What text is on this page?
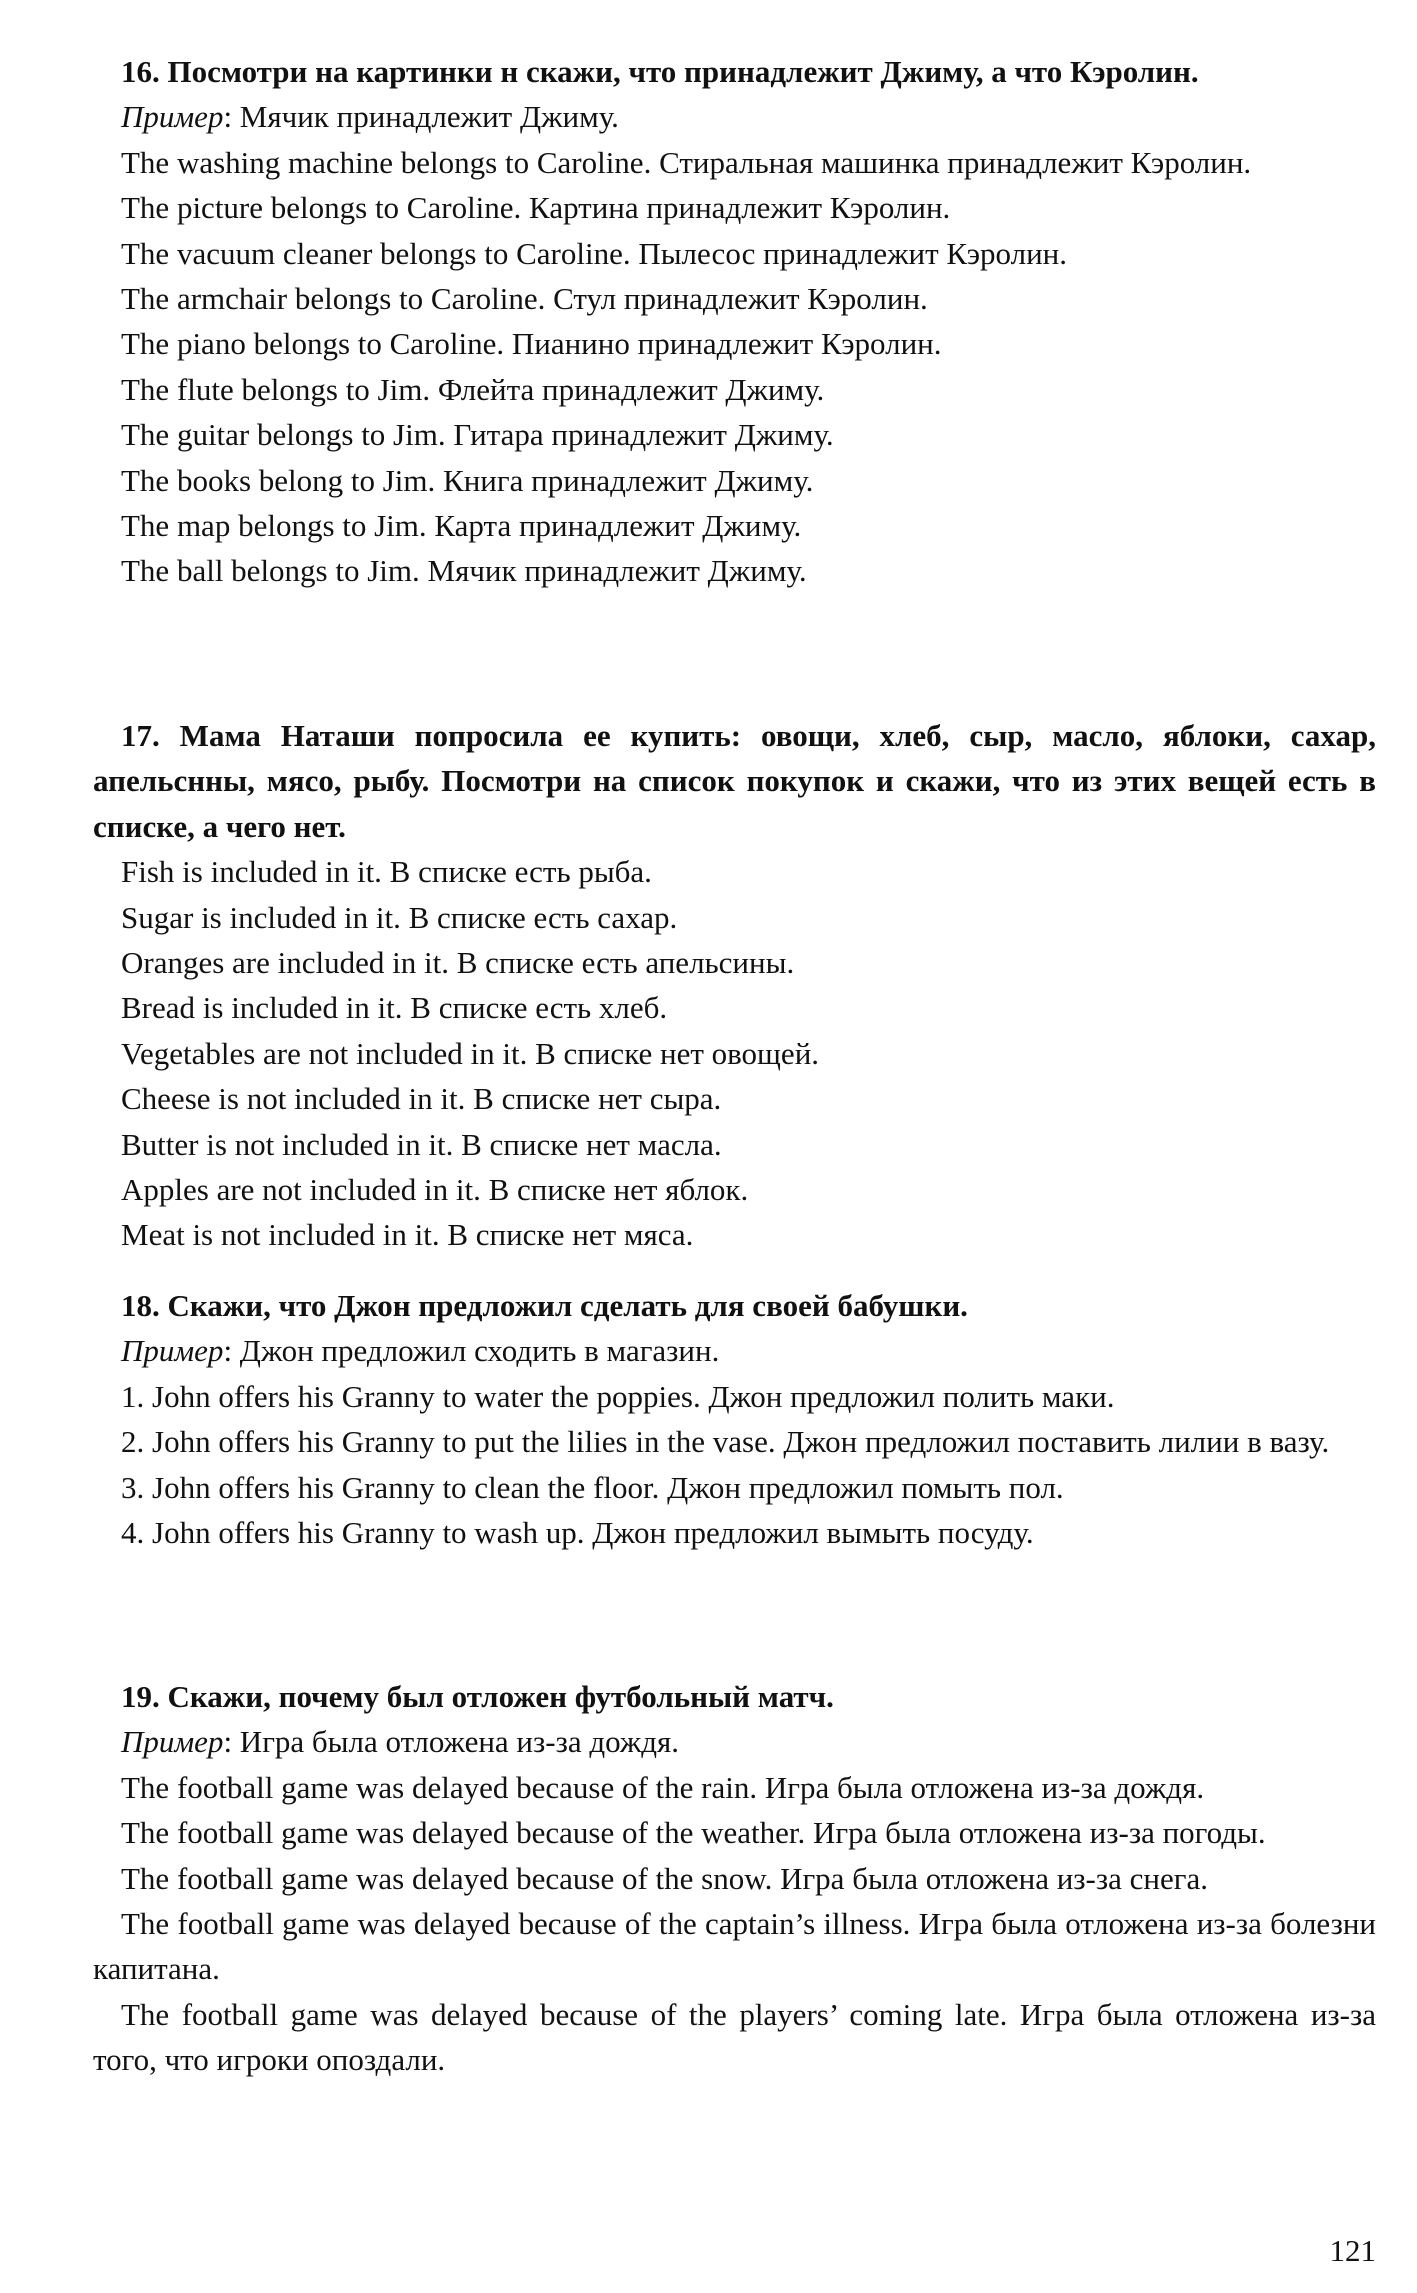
16. Посмотри на картинки н скажи, что принадлежит Джиму, а что Кэролин.

Пример: Мячик принадлежит Джиму.

The washing machine belongs to Caroline. Стиральная машинка принадлежит Кэролин.

The picture belongs to Caroline. Картина принадлежит Кэролин.

The vacuum cleaner belongs to Caroline. Пылесос принадлежит Кэролин.

The armchair belongs to Caroline. Стул принадлежит Кэролин.

The piano belongs to Caroline. Пианино принадлежит Кэролин.

The flute belongs to Jim. Флейта принадлежит Джиму.

The guitar belongs to Jim. Гитара принадлежит Джиму.

The books belong to Jim. Книга принадлежит Джиму.

The map belongs to Jim. Карта принадлежит Джиму.

The ball belongs to Jim. Мячик принадлежит Джиму.

17. Мама Наташи попросила ее купить: овощи, хлеб, сыр, масло, яблоки, сахар, апельснны, мясо, рыбу. Посмотри на список покупок и скажи, что из этих вещей есть в списке, а чего нет.

Fish is included in it. В списке есть рыба.

Sugar is included in it. В списке есть сахар.

Oranges are included in it. В списке есть апельсины.

Bread is included in it. В списке есть хлеб.

Vegetables are not included in it. В списке нет овощей.

Cheese is not included in it. В списке нет сыра.

Butter is not included in it. В списке нет масла.

Apples are not included in it. В списке нет яблок.

Meat is not included in it. В списке нет мяса.

18. Скажи, что Джон предложил сделать для своей бабушки.

Пример: Джон предложил сходить в магазин.

1. John offers his Granny to water the poppies. Джон предложил полить маки.

2. John offers his Granny to put the lilies in the vase. Джон предложил поставить лилии в вазу.

3. John offers his Granny to clean the floor. Джон предложил помыть пол.

4. John offers his Granny to wash up. Джон предложил вымыть посуду.

19. Скажи, почему был отложен футбольный матч.

Пример: Игра была отложена из-за дождя.

The football game was delayed because of the rain. Игра была отложена из-за дождя.

The football game was delayed because of the weather. Игра была отложена из-за погоды.

The football game was delayed because of the snow. Игра была отложена из-за снега.

The football game was delayed because of the captain’s illness. Игра была отложена из-за болезни капитана.

The football game was delayed because of the players’ coming late. Игра была отложена из-за того, что игроки опоздали.

121
